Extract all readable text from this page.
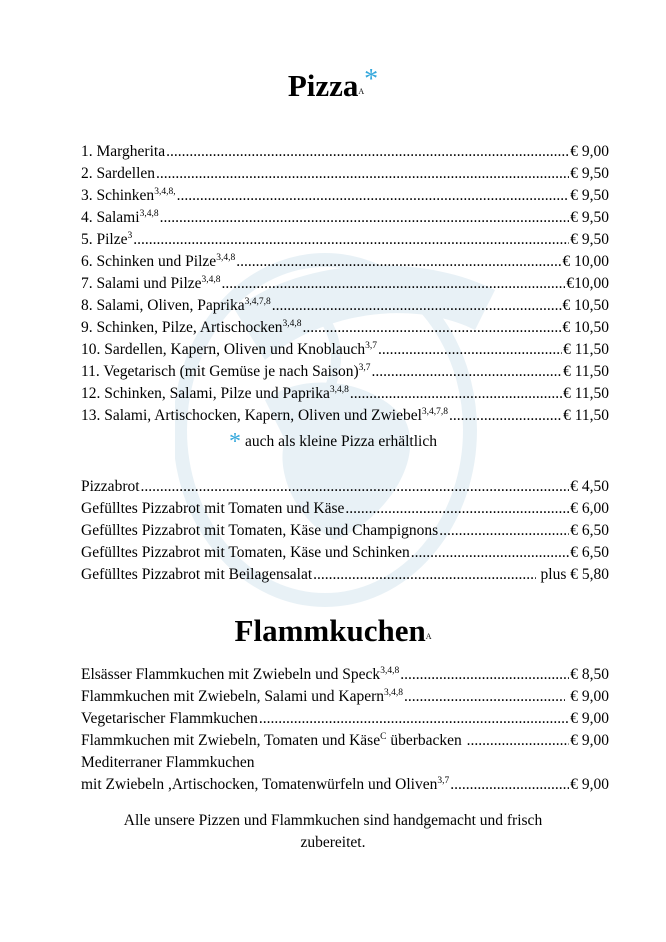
Pizza$^A$*
1. Margherita .....	€ 9,00
2. Sardellen .....	€ 9,50
3. Schinken$^{3,4,8,}$ .....	€ 9,50
4. Salami$^{3,4,8}$ .....	€ 9,50
5. Pilze$^3$ .....	€ 9,50
6. Schinken und Pilze$^{3,4,8}$ .....	€ 10,00
7. Salami und Pilze$^{3,4,8}$ .....	€10,00
8. Salami, Oliven, Paprika$^{3,4,7,8}$ .....	€ 10,50
9. Schinken, Pilze, Artischocken$^{3,4,8}$ .....	€ 10,50
10. Sardellen, Kapern, Oliven und Knoblauch$^{3,7}$ .....	€ 11,50
11. Vegetarisch (mit Gemüse je nach Saison)$^{3,7}$ .....	€ 11,50
12. Schinken, Salami, Pilze und Paprika$^{3,4,8}$ .....	€ 11,50
13. Salami, Artischocken, Kapern, Oliven und Zwiebel$^{3,4,7,8}$ .....	€ 11,50
* auch als kleine Pizza erhältlich
Pizzabrot .....	€ 4,50
Gefülltes Pizzabrot mit Tomaten und Käse .....	€ 6,00
Gefülltes Pizzabrot mit Tomaten, Käse und Champignons .....	€ 6,50
Gefülltes Pizzabrot mit Tomaten, Käse und Schinken .....	€ 6,50
Gefülltes Pizzabrot mit Beilagensalat .....	plus € 5,80
Flammkuchen$^A$
Elsässer Flammkuchen mit Zwiebeln und Speck$^{3,4,8}$ .....	€ 8,50
Flammkuchen mit Zwiebeln, Salami und Kapern$^{3,4,8}$ .....	€ 9,00
Vegetarischer Flammkuchen .....	€ 9,00
Flammkuchen mit Zwiebeln, Tomaten und Käse$^C$ überbacken .....	€ 9,00
Mediterraner Flammkuchen
mit Zwiebeln ,Artischocken, Tomatenwürfeln und Oliven$^{3,7}$ .....	€ 9,00
Alle unsere Pizzen und Flammkuchen sind handgemacht und frisch
zubereitet.
